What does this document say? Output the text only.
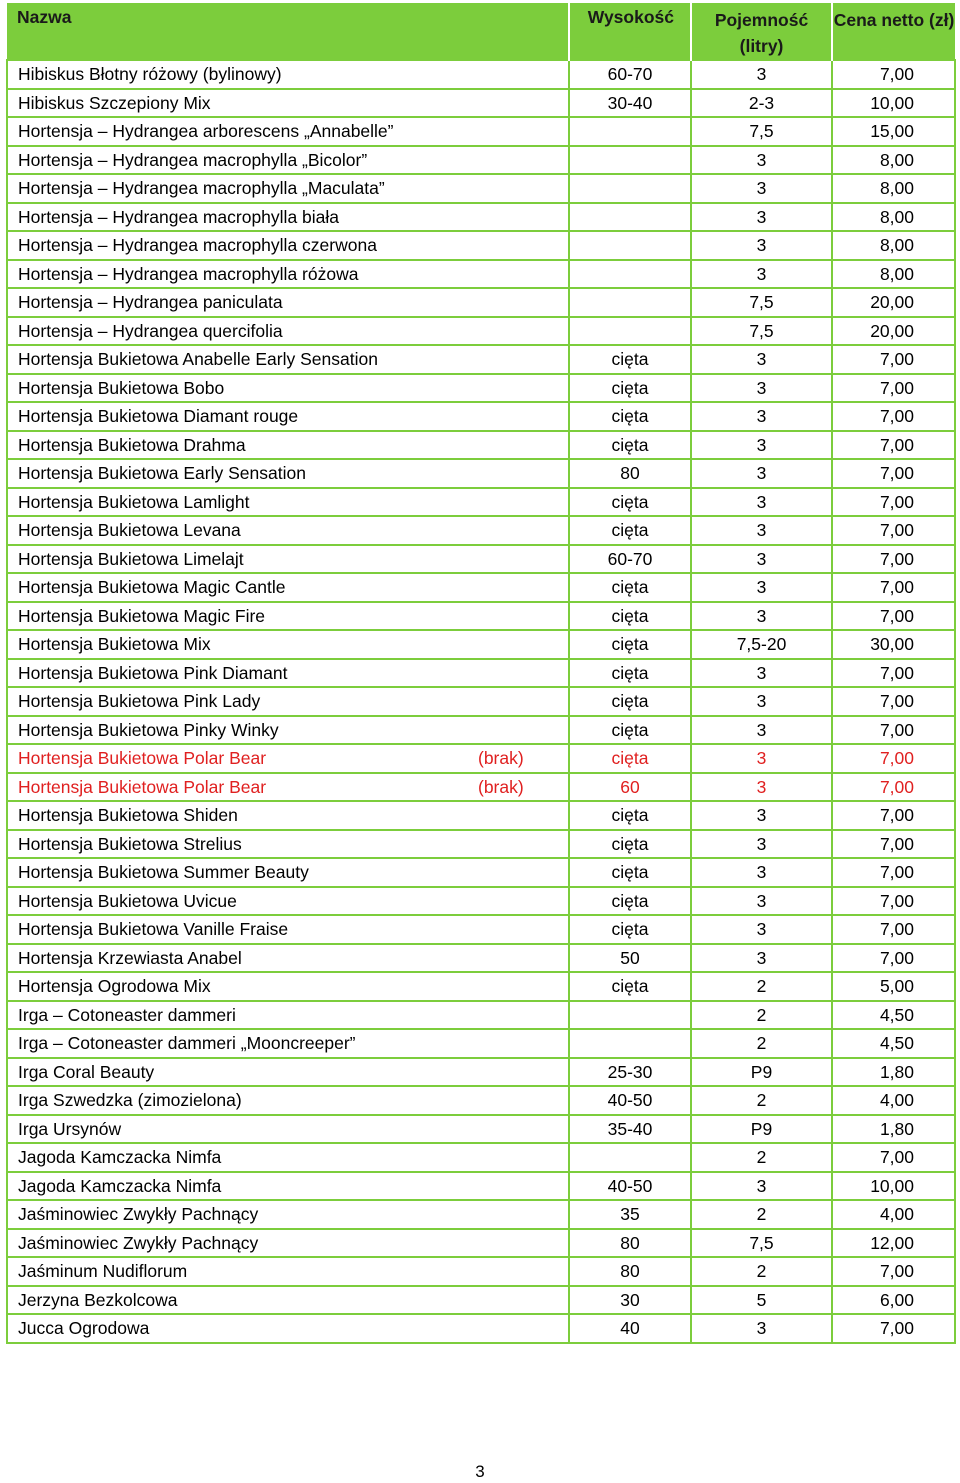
Nazwa	Wysokość	Pojemność (litry)	Cena netto (zł)
Hibiskus Błotny różowy (bylinowy)	60-70	3	7,00
Hibiskus Szczepiony Mix	30-40	2-3	10,00
Hortensja – Hydrangea arborescens „Annabelle”		7,5	15,00
Hortensja – Hydrangea macrophylla „Bicolor”		3	8,00
Hortensja – Hydrangea macrophylla „Maculata”		3	8,00
Hortensja – Hydrangea macrophylla biała		3	8,00
Hortensja – Hydrangea macrophylla czerwona		3	8,00
Hortensja – Hydrangea macrophylla różowa		3	8,00
Hortensja – Hydrangea paniculata		7,5	20,00
Hortensja – Hydrangea quercifolia		7,5	20,00
Hortensja Bukietowa Anabelle Early Sensation	cięta	3	7,00
Hortensja Bukietowa Bobo	cięta	3	7,00
Hortensja Bukietowa Diamant rouge	cięta	3	7,00
Hortensja Bukietowa Drahma	cięta	3	7,00
Hortensja Bukietowa Early Sensation	80	3	7,00
Hortensja Bukietowa Lamlight	cięta	3	7,00
Hortensja Bukietowa Levana	cięta	3	7,00
Hortensja Bukietowa Limelajt	60-70	3	7,00
Hortensja Bukietowa Magic Cantle	cięta	3	7,00
Hortensja Bukietowa Magic Fire	cięta	3	7,00
Hortensja Bukietowa Mix	cięta	7,5-20	30,00
Hortensja Bukietowa Pink Diamant	cięta	3	7,00
Hortensja Bukietowa Pink Lady	cięta	3	7,00
Hortensja Bukietowa Pinky Winky	cięta	3	7,00
Hortensja Bukietowa Polar Bear (brak)	cięta	3	7,00
Hortensja Bukietowa Polar Bear (brak)	60	3	7,00
Hortensja Bukietowa Shiden	cięta	3	7,00
Hortensja Bukietowa Strelius	cięta	3	7,00
Hortensja Bukietowa Summer Beauty	cięta	3	7,00
Hortensja Bukietowa Uvicue	cięta	3	7,00
Hortensja Bukietowa Vanille Fraise	cięta	3	7,00
Hortensja Krzewiasta Anabel	50	3	7,00
Hortensja Ogrodowa Mix	cięta	2	5,00
Irga – Cotoneaster dammeri		2	4,50
Irga – Cotoneaster dammeri „Mooncreeper”		2	4,50
Irga Coral Beauty	25-30	P9	1,80
Irga Szwedzka (zimozielona)	40-50	2	4,00
Irga Ursynów	35-40	P9	1,80
Jagoda Kamczacka Nimfa		2	7,00
Jagoda Kamczacka Nimfa	40-50	3	10,00
Jaśminowiec Zwykły Pachnący	35	2	4,00
Jaśminowiec Zwykły Pachnący	80	7,5	12,00
Jaśminum Nudiflorum	80	2	7,00
Jerzyna Bezkolcowa	30	5	6,00
Jucca Ogrodowa	40	3	7,00
3
